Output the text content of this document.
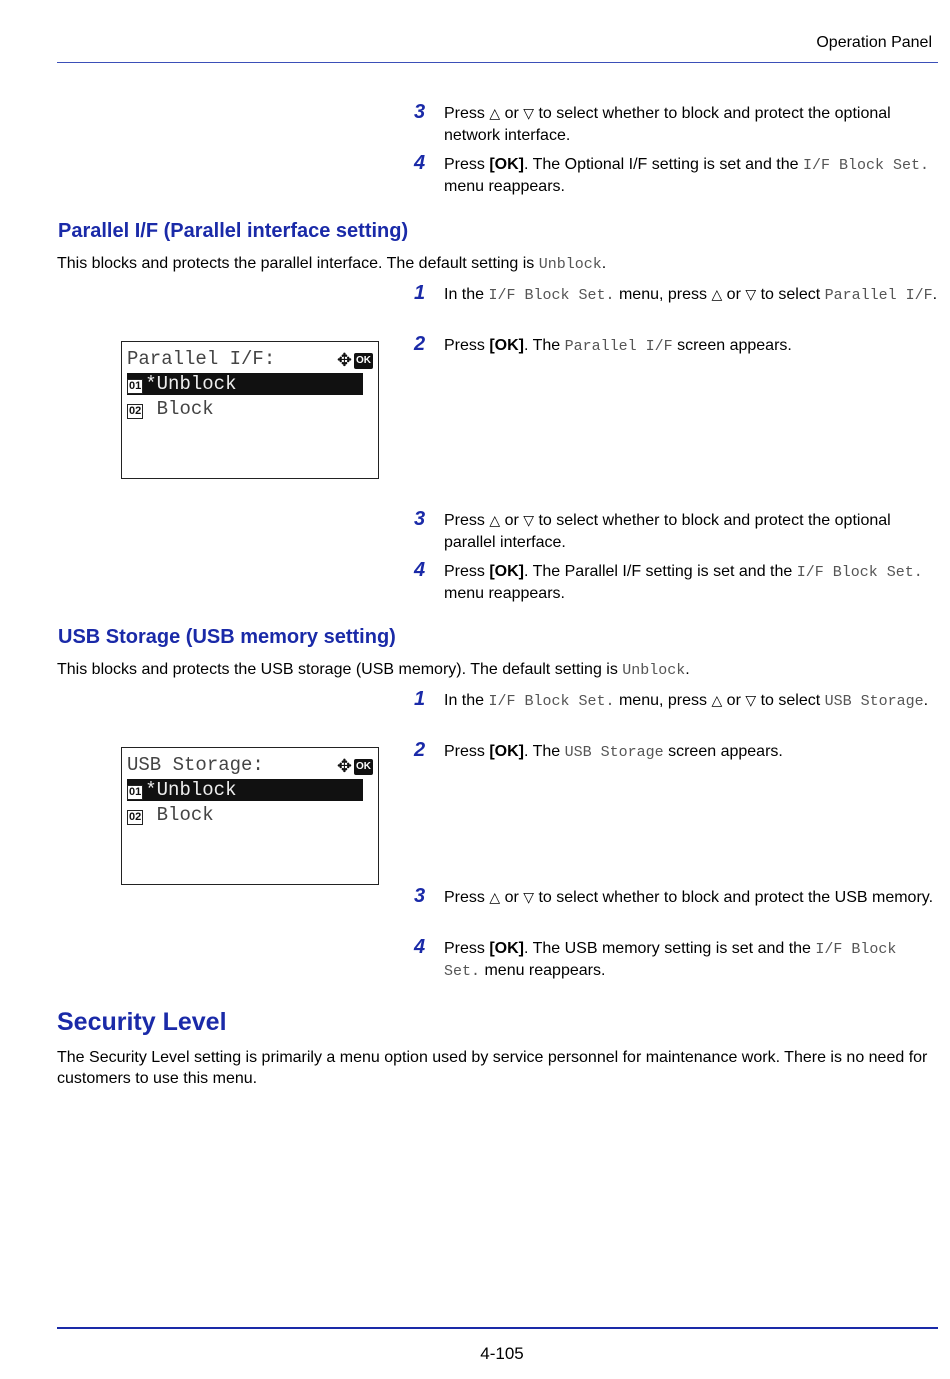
Operation Panel
3 Press △ or ▽ to select whether to block and protect the optional network interface.
4 Press [OK]. The Optional I/F setting is set and the I/F Block Set. menu reappears.
Parallel I/F (Parallel interface setting)
This blocks and protects the parallel interface. The default setting is Unblock.
1 In the I/F Block Set. menu, press △ or ▽ to select Parallel I/F.
2 Press [OK]. The Parallel I/F screen appears.
Parallel I/F:	✥ OK
01 *Unblock
02 Block
3 Press △ or ▽ to select whether to block and protect the optional parallel interface.
4 Press [OK]. The Parallel I/F setting is set and the I/F Block Set. menu reappears.
USB Storage (USB memory setting)
This blocks and protects the USB storage (USB memory). The default setting is Unblock.
1 In the I/F Block Set. menu, press △ or ▽ to select USB Storage.
2 Press [OK]. The USB Storage screen appears.
USB Storage:	✥ OK
01 *Unblock
02 Block
3 Press △ or ▽ to select whether to block and protect the USB memory.
4 Press [OK]. The USB memory setting is set and the I/F Block Set. menu reappears.
Security Level
The Security Level setting is primarily a menu option used by service personnel for maintenance work. There is no need for customers to use this menu.
4-105
